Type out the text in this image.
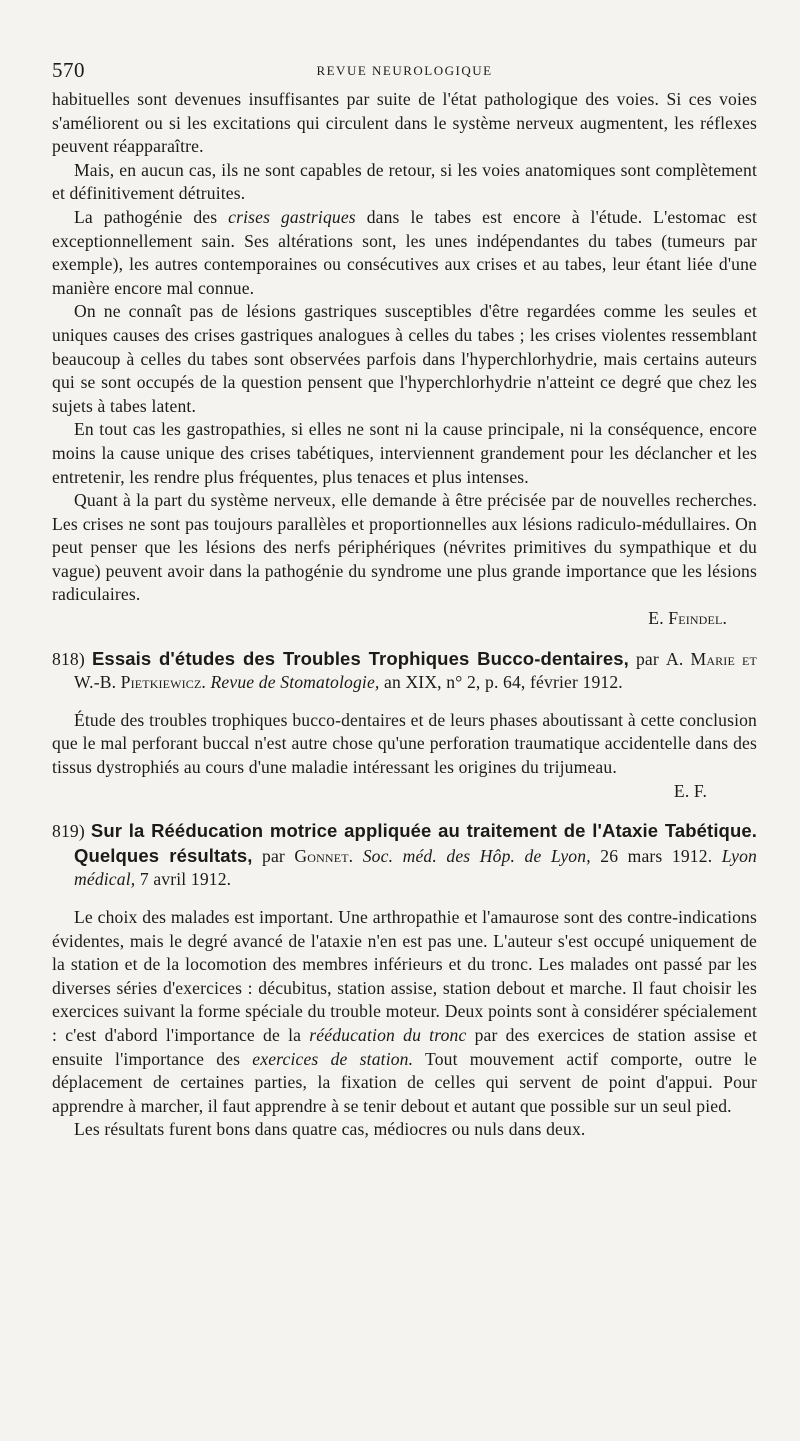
570	REVUE NEUROLOGIQUE

habituelles sont devenues insuffisantes par suite de l'état pathologique des voies. Si ces voies s'améliorent ou si les excitations qui circulent dans le système nerveux augmentent, les réflexes peuvent réapparaître.

Mais, en aucun cas, ils ne sont capables de retour, si les voies anatomiques sont complètement et définitivement détruites.

La pathogénie des crises gastriques dans le tabes est encore à l'étude. L'estomac est exceptionnellement sain. Ses altérations sont, les unes indépendantes du tabes (tumeurs par exemple), les autres contemporaines ou consécutives aux crises et au tabes, leur étant liée d'une manière encore mal connue.

On ne connaît pas de lésions gastriques susceptibles d'être regardées comme les seules et uniques causes des crises gastriques analogues à celles du tabes ; les crises violentes ressemblant beaucoup à celles du tabes sont observées parfois dans l'hyperchlorhydrie, mais certains auteurs qui se sont occupés de la question pensent que l'hyperchlorhydrie n'atteint ce degré que chez les sujets à tabes latent.

En tout cas les gastropathies, si elles ne sont ni la cause principale, ni la conséquence, encore moins la cause unique des crises tabétiques, interviennent grandement pour les déclancher et les entretenir, les rendre plus fréquentes, plus tenaces et plus intenses.

Quant à la part du système nerveux, elle demande à être précisée par de nouvelles recherches. Les crises ne sont pas toujours parallèles et proportionnelles aux lésions radiculo-médullaires. On peut penser que les lésions des nerfs périphériques (névrites primitives du sympathique et du vague) peuvent avoir dans la pathogénie du syndrome une plus grande importance que les lésions radiculaires.

E. Feindel.

818) Essais d'études des Troubles Trophiques Bucco-dentaires, par A. Marie et W.-B. Pietkiewicz. Revue de Stomatologie, an XIX, n° 2, p. 64, février 1912.

Étude des troubles trophiques bucco-dentaires et de leurs phases aboutissant à cette conclusion que le mal perforant buccal n'est autre chose qu'une perforation traumatique accidentelle dans des tissus dystrophiés au cours d'une maladie intéressant les origines du trijumeau.

E. F.

819) Sur la Rééducation motrice appliquée au traitement de l'Ataxie Tabétique. Quelques résultats, par Gonnet. Soc. méd. des Hôp. de Lyon, 26 mars 1912. Lyon médical, 7 avril 1912.

Le choix des malades est important. Une arthropathie et l'amaurose sont des contre-indications évidentes, mais le degré avancé de l'ataxie n'en est pas une. L'auteur s'est occupé uniquement de la station et de la locomotion des membres inférieurs et du tronc. Les malades ont passé par les diverses séries d'exercices : décubitus, station assise, station debout et marche. Il faut choisir les exercices suivant la forme spéciale du trouble moteur. Deux points sont à considérer spécialement : c'est d'abord l'importance de la rééducation du tronc par des exercices de station assise et ensuite l'importance des exercices de station. Tout mouvement actif comporte, outre le déplacement de certaines parties, la fixation de celles qui servent de point d'appui. Pour apprendre à marcher, il faut apprendre à se tenir debout et autant que possible sur un seul pied.

Les résultats furent bons dans quatre cas, médiocres ou nuls dans deux.
